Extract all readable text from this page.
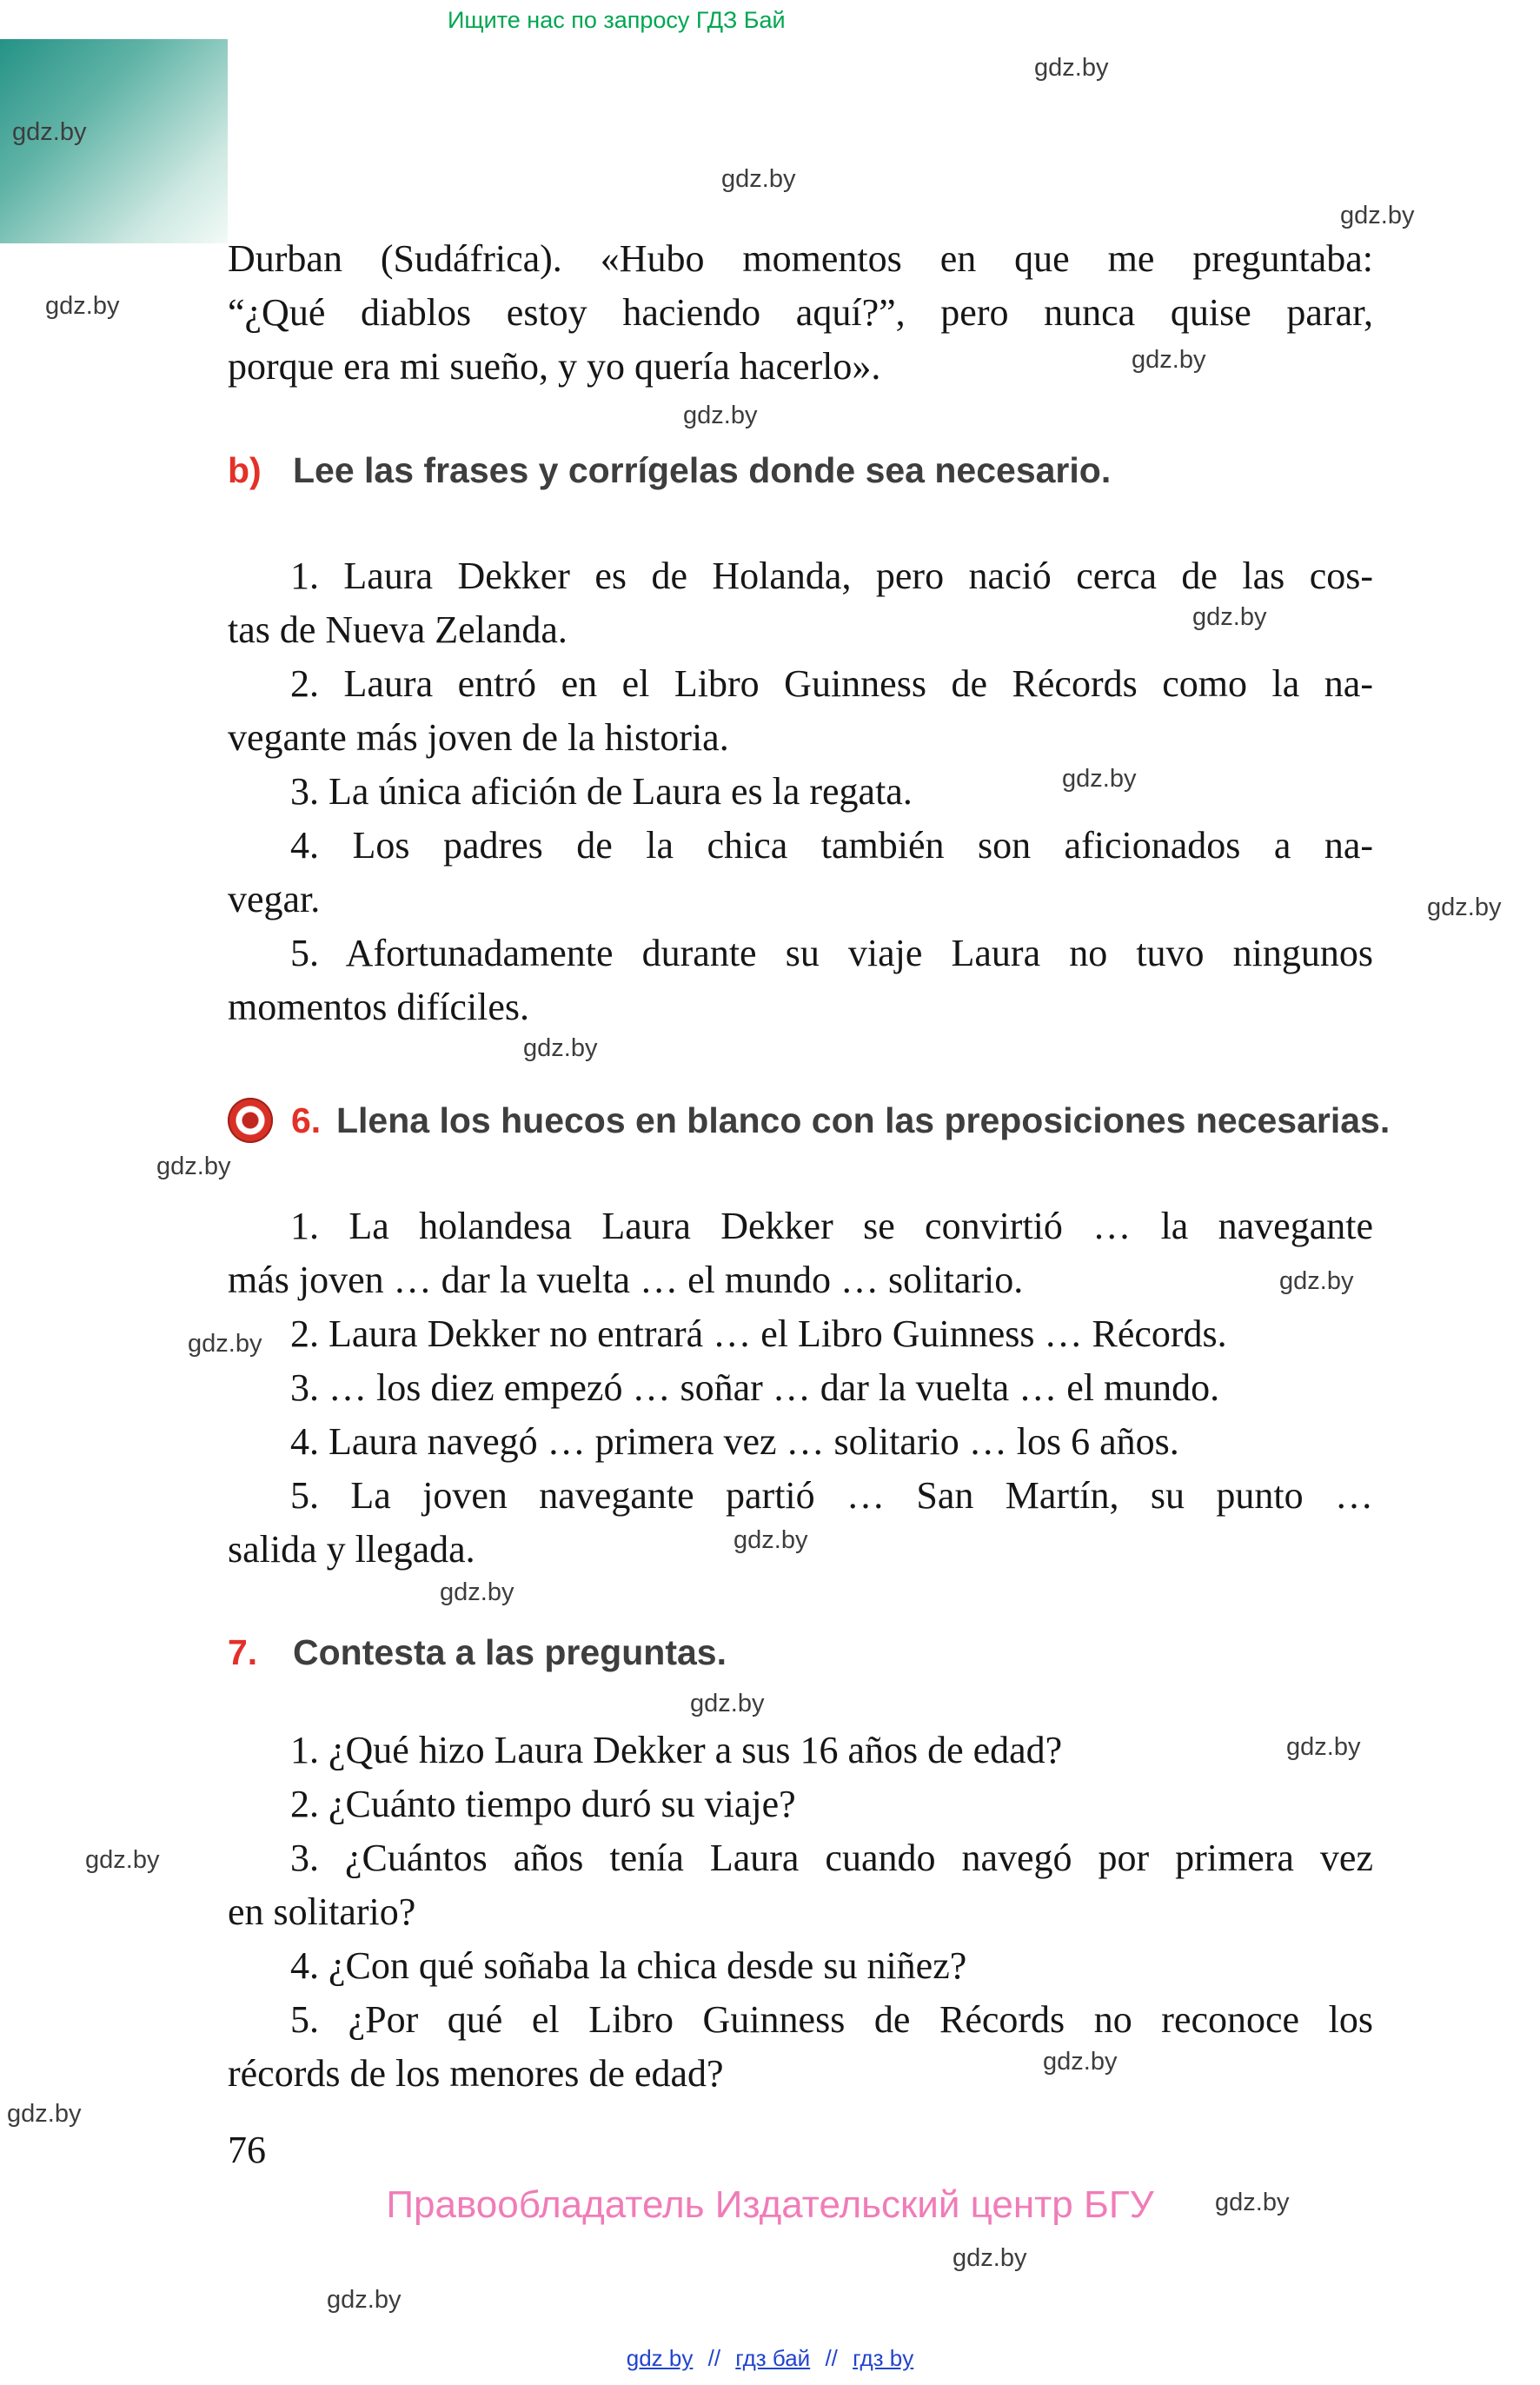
Ищите нас по запросу ГДЗ Бай
Durban (Sudáfrica). «Hubo momentos en que me preguntaba:
“¿Qué diablos estoy haciendo aquí?”, pero nunca quise parar,
porque era mi sueño, y yo quería hacerlo».
b) Lee las frases y corrígelas donde sea necesario.
1. Laura Dekker es de Holanda, pero nació cerca de las cos-
tas de Nueva Zelanda.
2. Laura entró en el Libro Guinness de Récords como la na-
vegante más joven de la historia.
3. La única afición de Laura es la regata.
4. Los padres de la chica también son aficionados a na-
vegar.
5. Afortunadamente durante su viaje Laura no tuvo ningunos
momentos difíciles.
6. Llena los huecos en blanco con las preposiciones necesarias.
1. La holandesa Laura Dekker se convirtió … la navegante
más joven … dar la vuelta … el mundo … solitario.
2. Laura Dekker no entrará … el Libro Guinness … Récords.
3. … los diez empezó … soñar … dar la vuelta … el mundo.
4. Laura navegó … primera vez … solitario … los 6 años.
5. La joven navegante partió … San Martín, su punto …
salida y llegada.
7. Contesta a las preguntas.
1. ¿Qué hizo Laura Dekker a sus 16 años de edad?
2. ¿Cuánto tiempo duró su viaje?
3. ¿Cuántos años tenía Laura cuando navegó por primera vez
en solitario?
4. ¿Con qué soñaba la chica desde su niñez?
5. ¿Por qué el Libro Guinness de Récords no reconoce los
récords de los menores de edad?
76
Правообладатель Издательский центр БГУ
gdz by // гдз бай // гдз by
gdz.by
gdz.by
gdz.by
gdz.by
gdz.by
gdz.by
gdz.by
gdz.by
gdz.by
gdz.by
gdz.by
gdz.by
gdz.by
gdz.by
gdz.by
gdz.by
gdz.by
gdz.by
gdz.by
gdz.by
gdz.by
gdz.by
gdz.by
gdz.by
